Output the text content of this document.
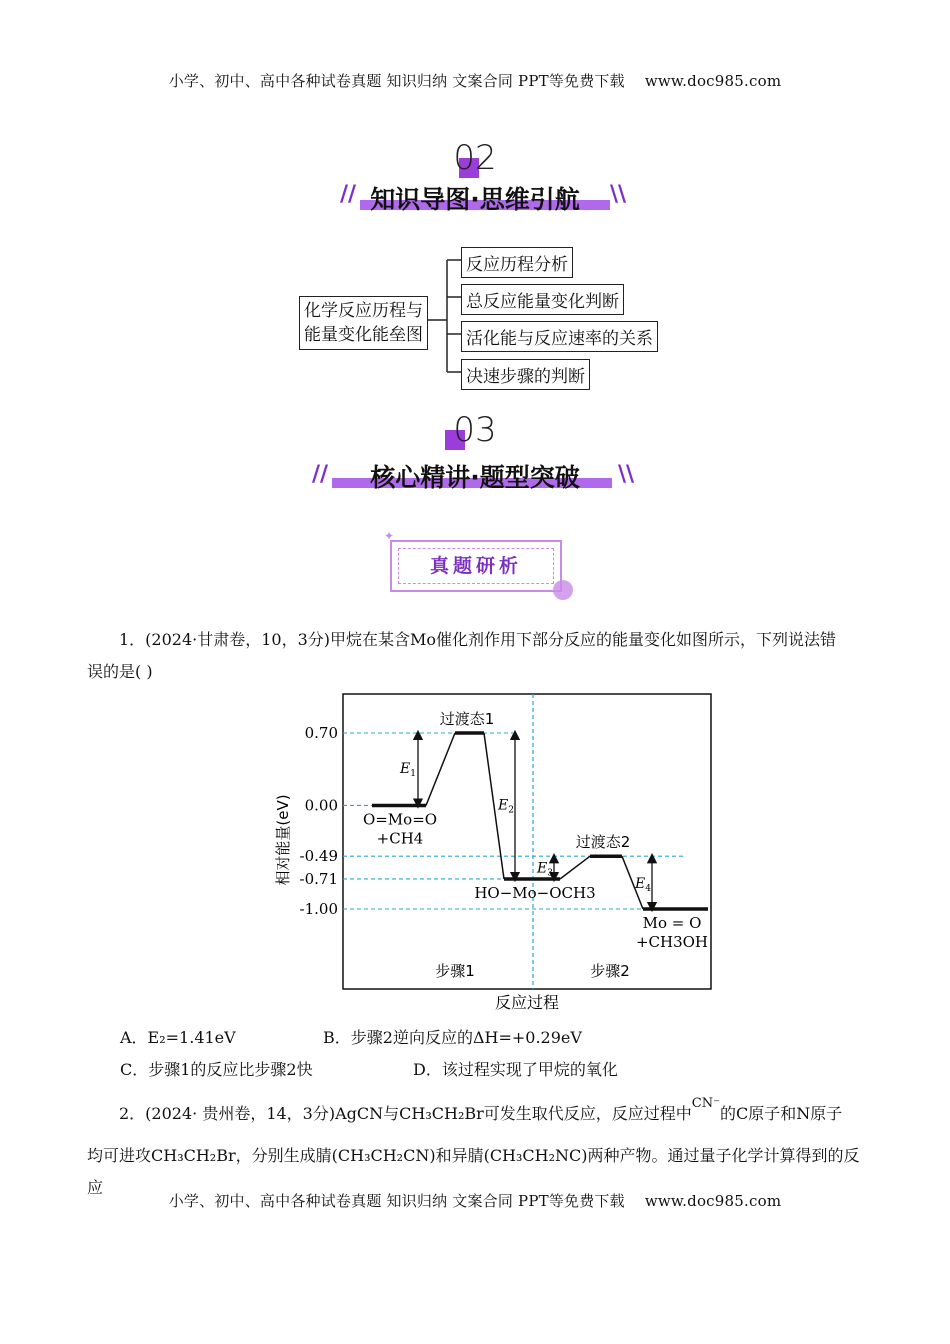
小学、初中、高中各种试卷真题 知识归纳 文案合同 PPT等免费下载 www.doc985.com
02
// 知识导图·思维引航 \\
化学反应历程与
能量变化能垒图
反应历程分析
总反应能量变化判断
活化能与反应速率的关系
决速步骤的判断
03
// 核心精讲·题型突破 \\
真题研析
✦
1．(2024·甘肃卷，10，3分)甲烷在某含Mo催化剂作用下部分反应的能量变化如图所示，下列说法错
误的是( )
0.70
0.00
-0.49
-0.71
-1.00
$E_1$
$E_2$
$E_3$
$E_4$
O=Mo=O
+CH4
过渡态1
HO−Mo−OCH3
过渡态2
Mo = O
+CH3OH
相对能量(eV)
反应过程
步骤1	步骤2
A．E₂=1.41eV	B．步骤2逆向反应的ΔH=+0.29eV
C．步骤1的反应比步骤2快	D．该过程实现了甲烷的氧化
2．(2024· 贵州卷，14，3分)AgCN与CH₃CH₂Br可发生取代反应，反应过程中$^{CN^-}$的C原子和N原子
均可进攻CH₃CH₂Br，分别生成腈(CH₃CH₂CN)和异腈(CH₃CH₂NC)两种产物。通过量子化学计算得到的反应
小学、初中、高中各种试卷真题 知识归纳 文案合同 PPT等免费下载 www.doc985.com
